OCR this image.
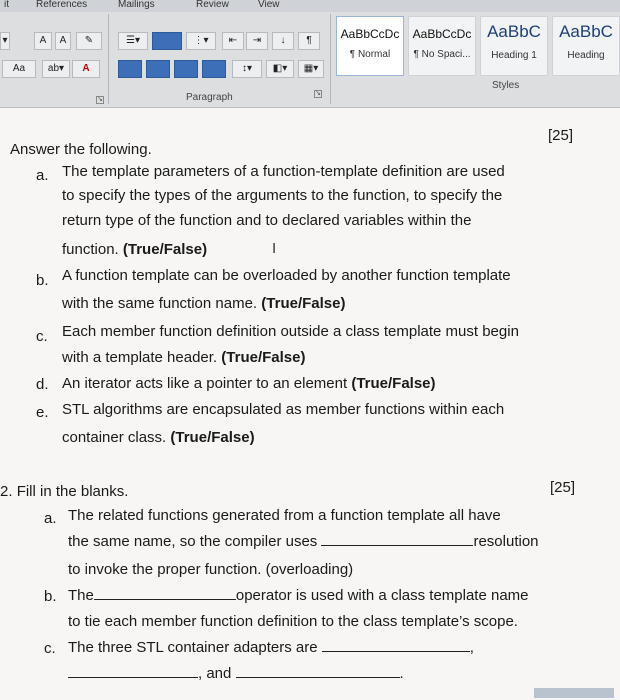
it	References	Mailings	Review	View
▾	A	A	✎
Aa	ab▾	A
↘
☰▾	⋮▾	⇤	⇥	↓	¶
↕▾	◧▾	▦▾
↘
Paragraph
AaBbCcDc
¶ Normal
AaBbCcDc
¶ No Spaci...
AaBbC
Heading 1
AaBbC
Heading
Styles
Answer the following.
[25]
a. The template parameters of a function-template definition are used
to specify the types of the arguments to the function, to specify the
return type of the function and to declared variables within the
function. (True/False)	I
b. A function template can be overloaded by another function template
with the same function name. (True/False)
c. Each member function definition outside a class template must begin
with a template header. (True/False)
d. An iterator acts like a pointer to an element (True/False)
e. STL algorithms are encapsulated as member functions within each
container class. (True/False)
2. Fill in the blanks.	[25]
a. The related functions generated from a function template all have
the same name, so the compiler uses	resolution
to invoke the proper function. (overloading)
b. The	operator is used with a class template name
to tie each member function definition to the class template’s scope.
c. The three STL container adapters are	,
, and	.
